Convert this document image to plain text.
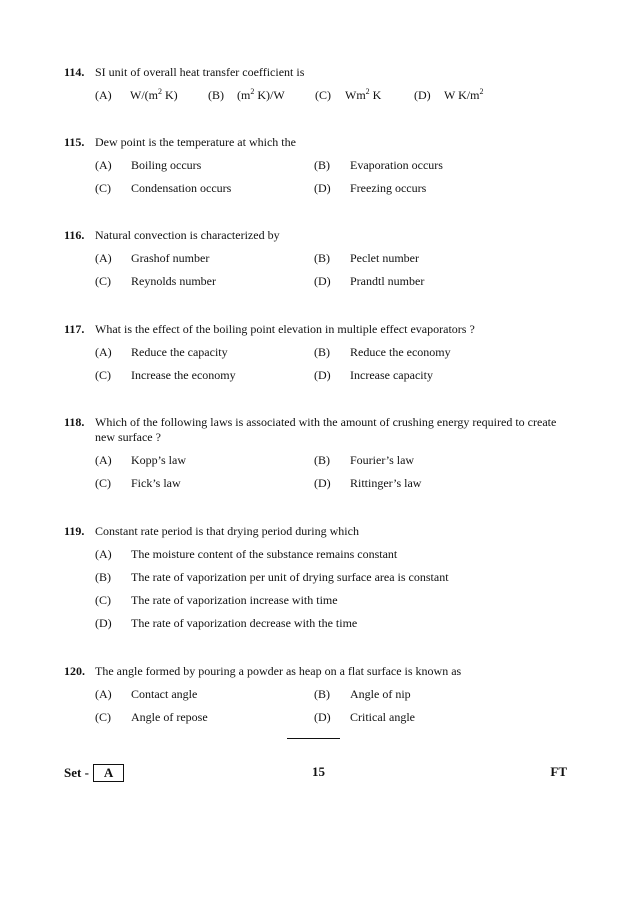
114. SI unit of overall heat transfer coefficient is
(A)	$W/(m^2$ K)	(B)	($m^2$ K)/W	(C)	Wm$^2$ K	(D)	W $K/m^2$
115. Dew point is the temperature at which the
(A)	Boiling occurs	(B)	Evaporation occurs
(C)	Condensation occurs	(D)	Freezing occurs
116. Natural convection is characterized by
(A)	Grashof number	(B)	Peclet number
(C)	Reynolds number	(D)	Prandtl number
117. What is the effect of the boiling point elevation in multiple effect evaporators ?
(A)	Reduce the capacity	(B)	Reduce the economy
(C)	Increase the economy	(D)	Increase capacity
118. Which of the following laws is associated with the amount of crushing energy required to create new surface ?
(A)	Kopp’s law	(B)	Fourier’s law
(C)	Fick’s law	(D)	Rittinger’s law
119. Constant rate period is that drying period during which
(A)	The moisture content of the substance remains constant
(B)	The rate of vaporization per unit of drying surface area is constant
(C)	The rate of vaporization increase with time
(D)	The rate of vaporization decrease with the time
120. The angle formed by pouring a powder as heap on a flat surface is known as
(A)	Contact angle	(B)	Angle of nip
(C)	Angle of repose	(D)	Critical angle
Set -	A	15	FT
